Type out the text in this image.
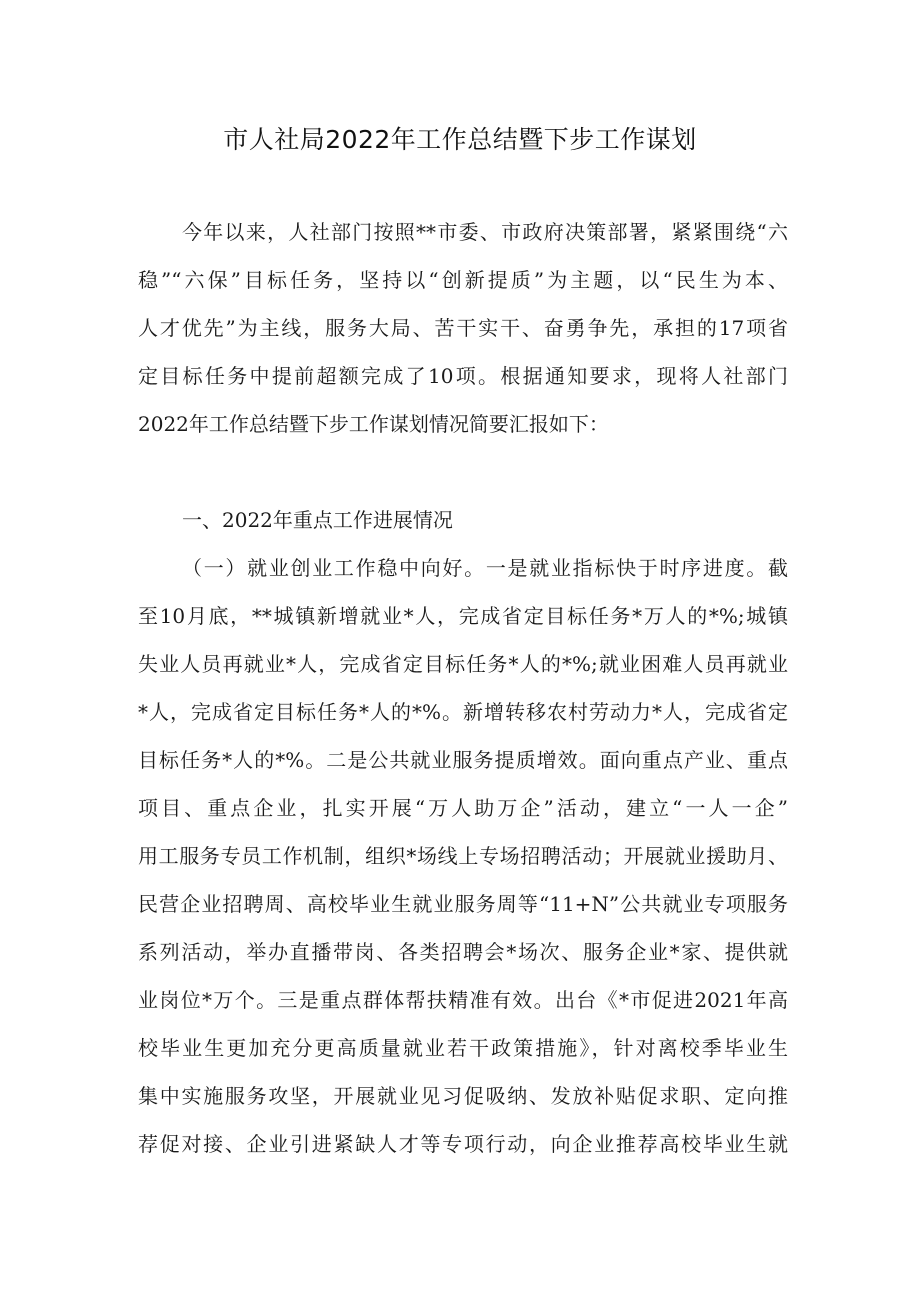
市人社局2022年工作总结暨下步工作谋划

今年以来，人社部门按照**市委、市政府决策部署，紧紧围绕“六

稳”“六保”目标任务，坚持以“创新提质”为主题，以“民生为本、

人才优先”为主线，服务大局、苦干实干、奋勇争先，承担的17项省

定目标任务中提前超额完成了10项。根据通知要求，现将人社部门

2022年工作总结暨下步工作谋划情况简要汇报如下：

一、2022年重点工作进展情况

（一）就业创业工作稳中向好。一是就业指标快于时序进度。截

至10月底，**城镇新增就业*人，完成省定目标任务*万人的*%;城镇

失业人员再就业*人，完成省定目标任务*人的*%;就业困难人员再就业

*人，完成省定目标任务*人的*%。新增转移农村劳动力*人，完成省定

目标任务*人的*%。二是公共就业服务提质增效。面向重点产业、重点

项目、重点企业，扎实开展“万人助万企”活动，建立“一人一企”

用工服务专员工作机制，组织*场线上专场招聘活动；开展就业援助月、

民营企业招聘周、高校毕业生就业服务周等“11+N”公共就业专项服务

系列活动，举办直播带岗、各类招聘会*场次、服务企业*家、提供就

业岗位*万个。三是重点群体帮扶精准有效。出台《*市促进2021年高

校毕业生更加充分更高质量就业若干政策措施》，针对离校季毕业生

集中实施服务攻坚，开展就业见习促吸纳、发放补贴促求职、定向推

荐促对接、企业引进紧缺人才等专项行动，向企业推荐高校毕业生就
